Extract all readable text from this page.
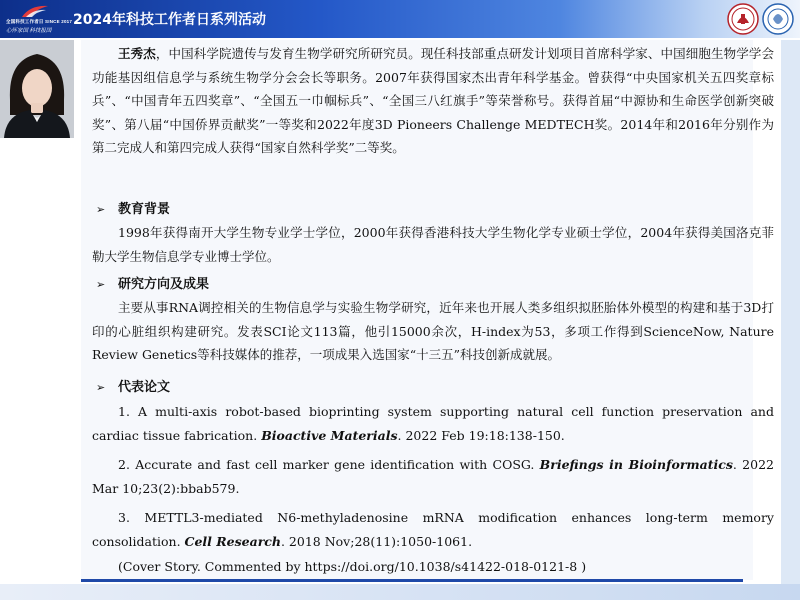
全国科技工作者日 SINCE 2017
心怀家国 科技报国
2024年科技工作者日系列活动
王秀杰，中国科学院遗传与发育生物学研究所研究员。现任科技部重点研发计划项目首席科学家、中国细胞生物学学会功能基因组信息学与系统生物学分会会长等职务。2007年获得国家杰出青年科学基金。曾获得“中央国家机关五四奖章标兵”、“中国青年五四奖章”、“全国五一巾帼标兵”、“全国三八红旗手”等荣誉称号。获得首届“中源协和生命医学创新突破奖”、第八届“中国侨界贡献奖”一等奖和2022年度3D Pioneers Challenge MEDTECH奖。2014年和2016年分别作为第二完成人和第四完成人获得“国家自然科学奖”二等奖。
➢ 教育背景
1998年获得南开大学生物专业学士学位，2000年获得香港科技大学生物化学专业硕士学位，2004年获得美国洛克菲勒大学生物信息学专业博士学位。
➢ 研究方向及成果
主要从事RNA调控相关的生物信息学与实验生物学研究，近年来也开展人类多组织拟胚胎体外模型的构建和基于3D打印的心脏组织构建研究。发表SCI论文113篇，他引15000余次，H-index为53，多项工作得到ScienceNow, Nature Review Genetics等科技媒体的推荐，一项成果入选国家“十三五”科技创新成就展。
➢ 代表论文
1. A multi-axis robot-based bioprinting system supporting natural cell function preservation and cardiac tissue fabrication. Bioactive Materials. 2022 Feb 19:18:138-150.
2. Accurate and fast cell marker gene identification with COSG. Briefings in Bioinformatics. 2022 Mar 10;23(2):bbab579.
3. METTL3-mediated N6-methyladenosine mRNA modification enhances long-term memory consolidation. Cell Research. 2018 Nov;28(11):1050-1061.
(Cover Story. Commented by https://doi.org/10.1038/s41422-018-0121-8 )
